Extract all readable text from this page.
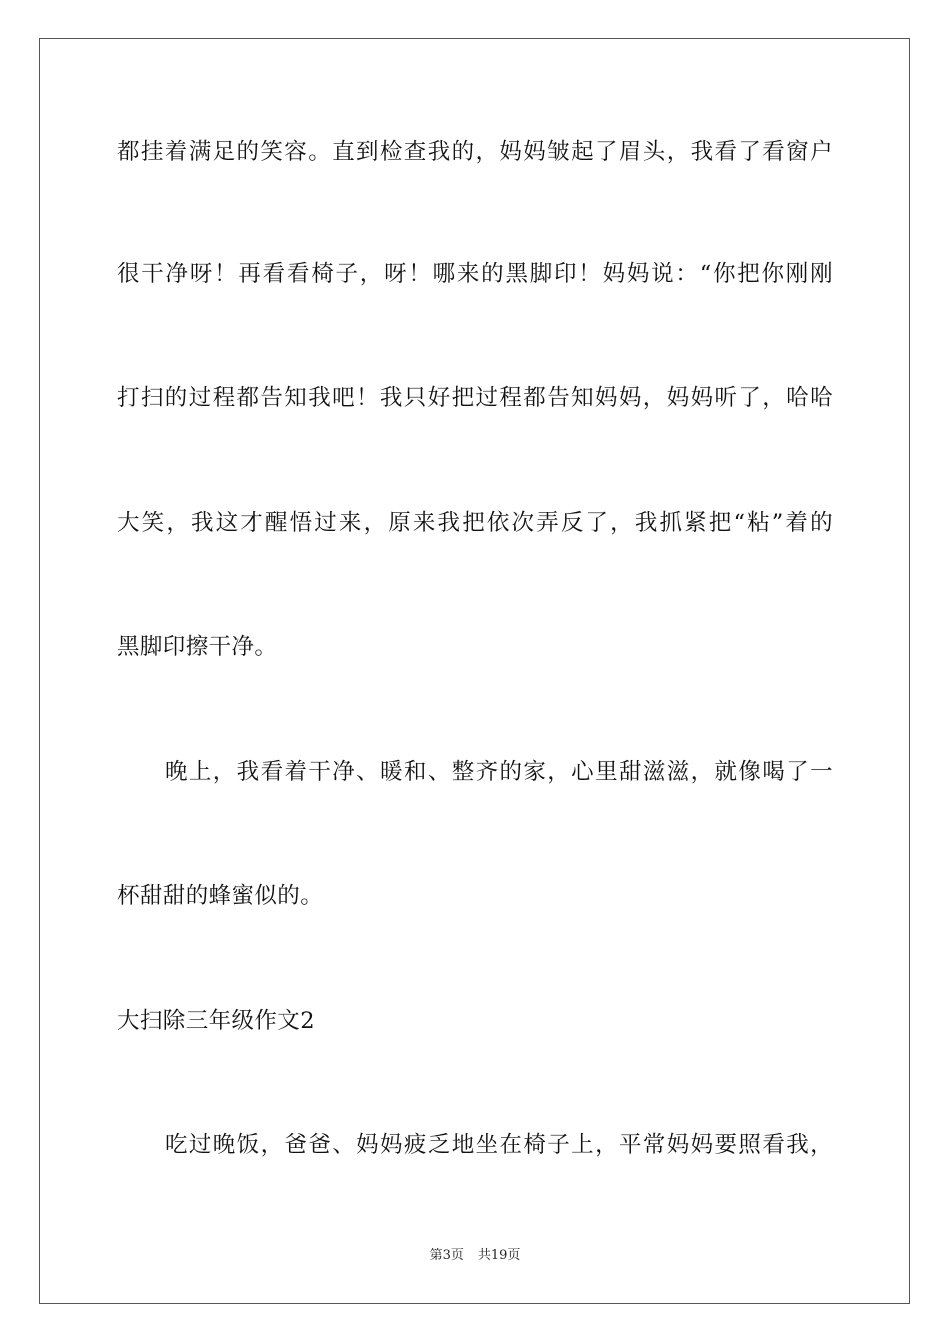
都挂着满足的笑容。直到检查我的，妈妈皱起了眉头，我看了看窗户
很干净呀！再看看椅子，呀！哪来的黑脚印！妈妈说：“你把你刚刚
打扫的过程都告知我吧！我只好把过程都告知妈妈，妈妈听了，哈哈
大笑，我这才醒悟过来，原来我把依次弄反了，我抓紧把“粘”着的
黑脚印擦干净。
晚上，我看着干净、暖和、整齐的家，心里甜滋滋，就像喝了一
杯甜甜的蜂蜜似的。
大扫除三年级作文2
吃过晚饭，爸爸、妈妈疲乏地坐在椅子上，平常妈妈要照看我，
第3页 共19页
